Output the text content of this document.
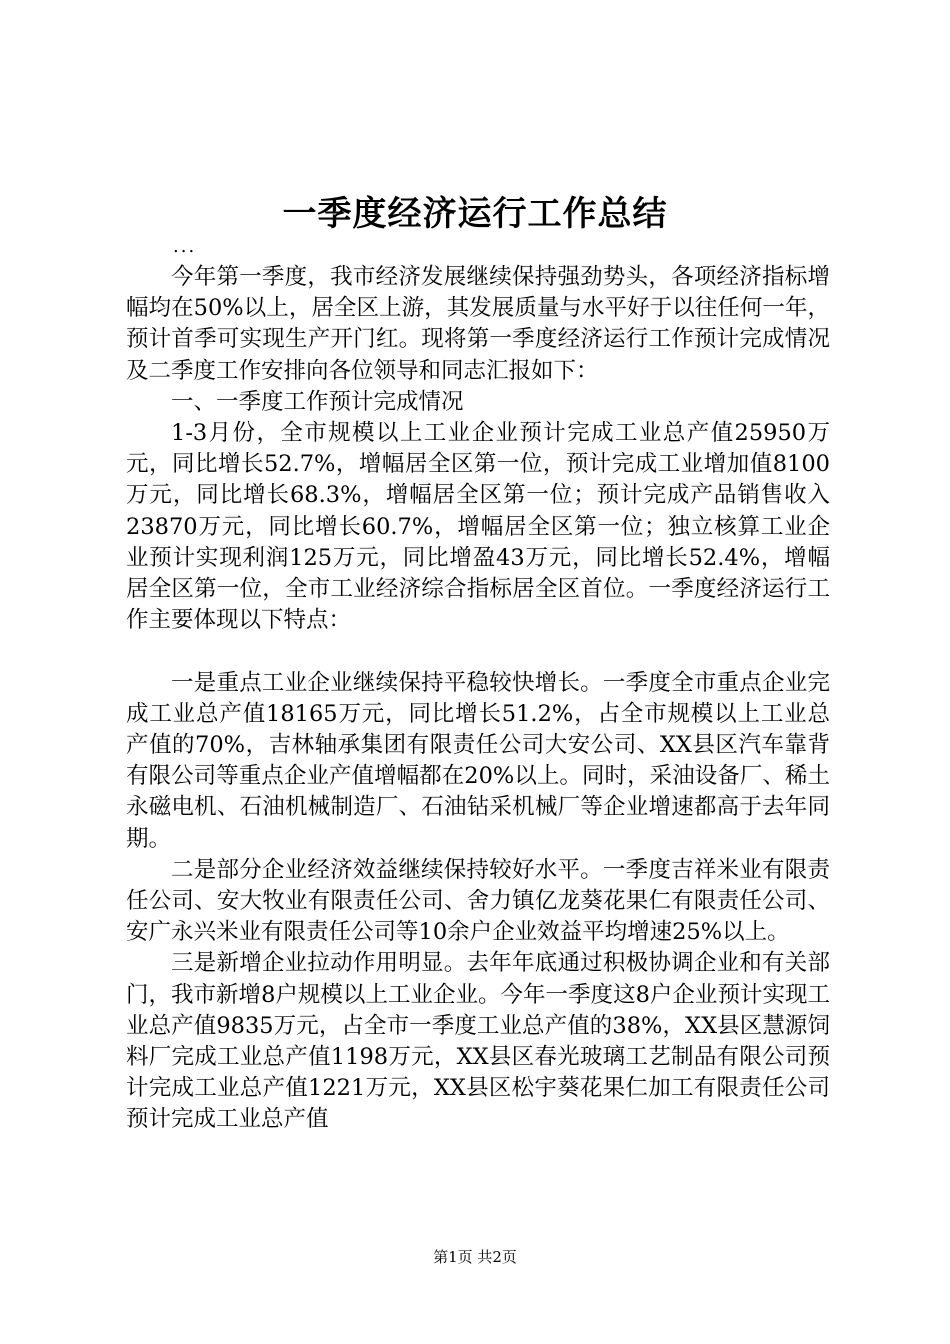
一季度经济运行工作总结
...

今年第一季度，我市经济发展继续保持强劲势头，各项经济指标增幅均在50%以上，居全区上游，其发展质量与水平好于以往任何一年，预计首季可实现生产开门红。现将第一季度经济运行工作预计完成情况及二季度工作安排向各位领导和同志汇报如下：

一、一季度工作预计完成情况

1-3月份，全市规模以上工业企业预计完成工业总产值25950万元，同比增长52.7%，增幅居全区第一位，预计完成工业增加值8100万元，同比增长68.3%，增幅居全区第一位；预计完成产品销售收入23870万元，同比增长60.7%，增幅居全区第一位；独立核算工业企业预计实现利润125万元，同比增盈43万元，同比增长52.4%，增幅居全区第一位，全市工业经济综合指标居全区首位。一季度经济运行工作主要体现以下特点：

一是重点工业企业继续保持平稳较快增长。一季度全市重点企业完成工业总产值18165万元，同比增长51.2%，占全市规模以上工业总产值的70%，吉林轴承集团有限责任公司大安公司、XX县区汽车靠背有限公司等重点企业产值增幅都在20%以上。同时，采油设备厂、稀土永磁电机、石油机械制造厂、石油钻采机械厂等企业增速都高于去年同期。

二是部分企业经济效益继续保持较好水平。一季度吉祥米业有限责任公司、安大牧业有限责任公司、舍力镇亿龙葵花果仁有限责任公司、安广永兴米业有限责任公司等10余户企业效益平均增速25%以上。

三是新增企业拉动作用明显。去年年底通过积极协调企业和有关部门，我市新增8户规模以上工业企业。今年一季度这8户企业预计实现工业总产值9835万元，占全市一季度工业总产值的38%，XX县区慧源饲料厂完成工业总产值1198万元，XX县区春光玻璃工艺制品有限公司预计完成工业总产值1221万元，XX县区松宇葵花果仁加工有限责任公司预计完成工业总产值

第1页 共2页
